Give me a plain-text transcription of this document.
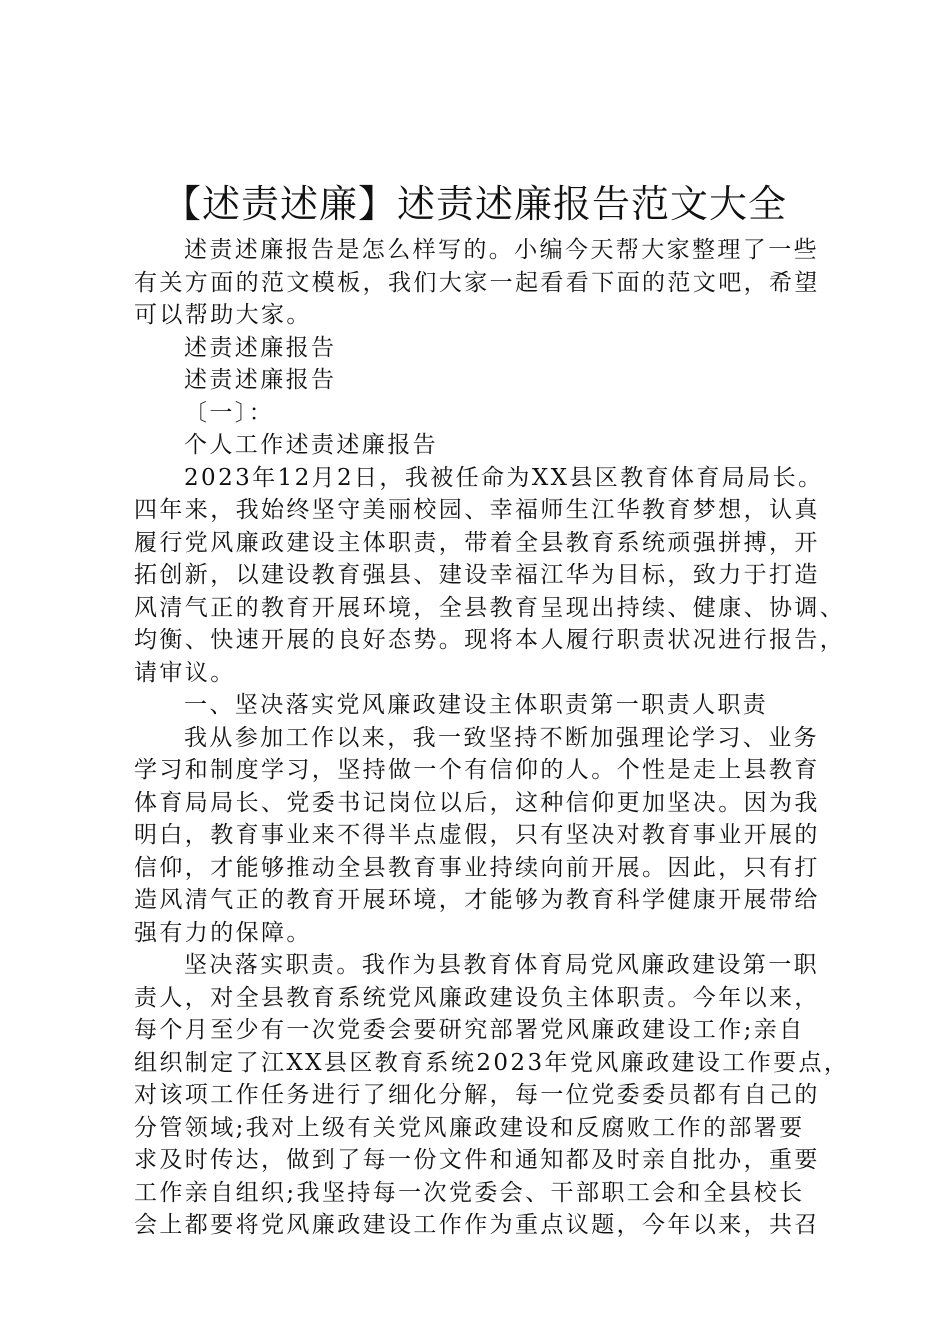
【述责述廉】述责述廉报告范文大全
述责述廉报告是怎么样写的。小编今天帮大家整理了一些
有关方面的范文模板，我们大家一起看看下面的范文吧，希望
可以帮助大家。
述责述廉报告
述责述廉报告
〔一〕：
个人工作述责述廉报告
2023年12月2日，我被任命为XX县区教育体育局局长。
四年来，我始终坚守美丽校园、幸福师生江华教育梦想，认真
履行党风廉政建设主体职责，带着全县教育系统顽强拼搏，开
拓创新，以建设教育强县、建设幸福江华为目标，致力于打造
风清气正的教育开展环境，全县教育呈现出持续、健康、协调、
均衡、快速开展的良好态势。现将本人履行职责状况进行报告，
请审议。
一、坚决落实党风廉政建设主体职责第一职责人职责
我从参加工作以来，我一致坚持不断加强理论学习、业务
学习和制度学习，坚持做一个有信仰的人。个性是走上县教育
体育局局长、党委书记岗位以后，这种信仰更加坚决。因为我
明白，教育事业来不得半点虚假，只有坚决对教育事业开展的
信仰，才能够推动全县教育事业持续向前开展。因此，只有打
造风清气正的教育开展环境，才能够为教育科学健康开展带给
强有力的保障。
坚决落实职责。我作为县教育体育局党风廉政建设第一职
责人，对全县教育系统党风廉政建设负主体职责。今年以来，
每个月至少有一次党委会要研究部署党风廉政建设工作;亲自
组织制定了江XX县区教育系统2023年党风廉政建设工作要点，
对该项工作任务进行了细化分解，每一位党委委员都有自己的
分管领域;我对上级有关党风廉政建设和反腐败工作的部署要
求及时传达，做到了每一份文件和通知都及时亲自批办，重要
工作亲自组织;我坚持每一次党委会、干部职工会和全县校长
会上都要将党风廉政建设工作作为重点议题，今年以来，共召
